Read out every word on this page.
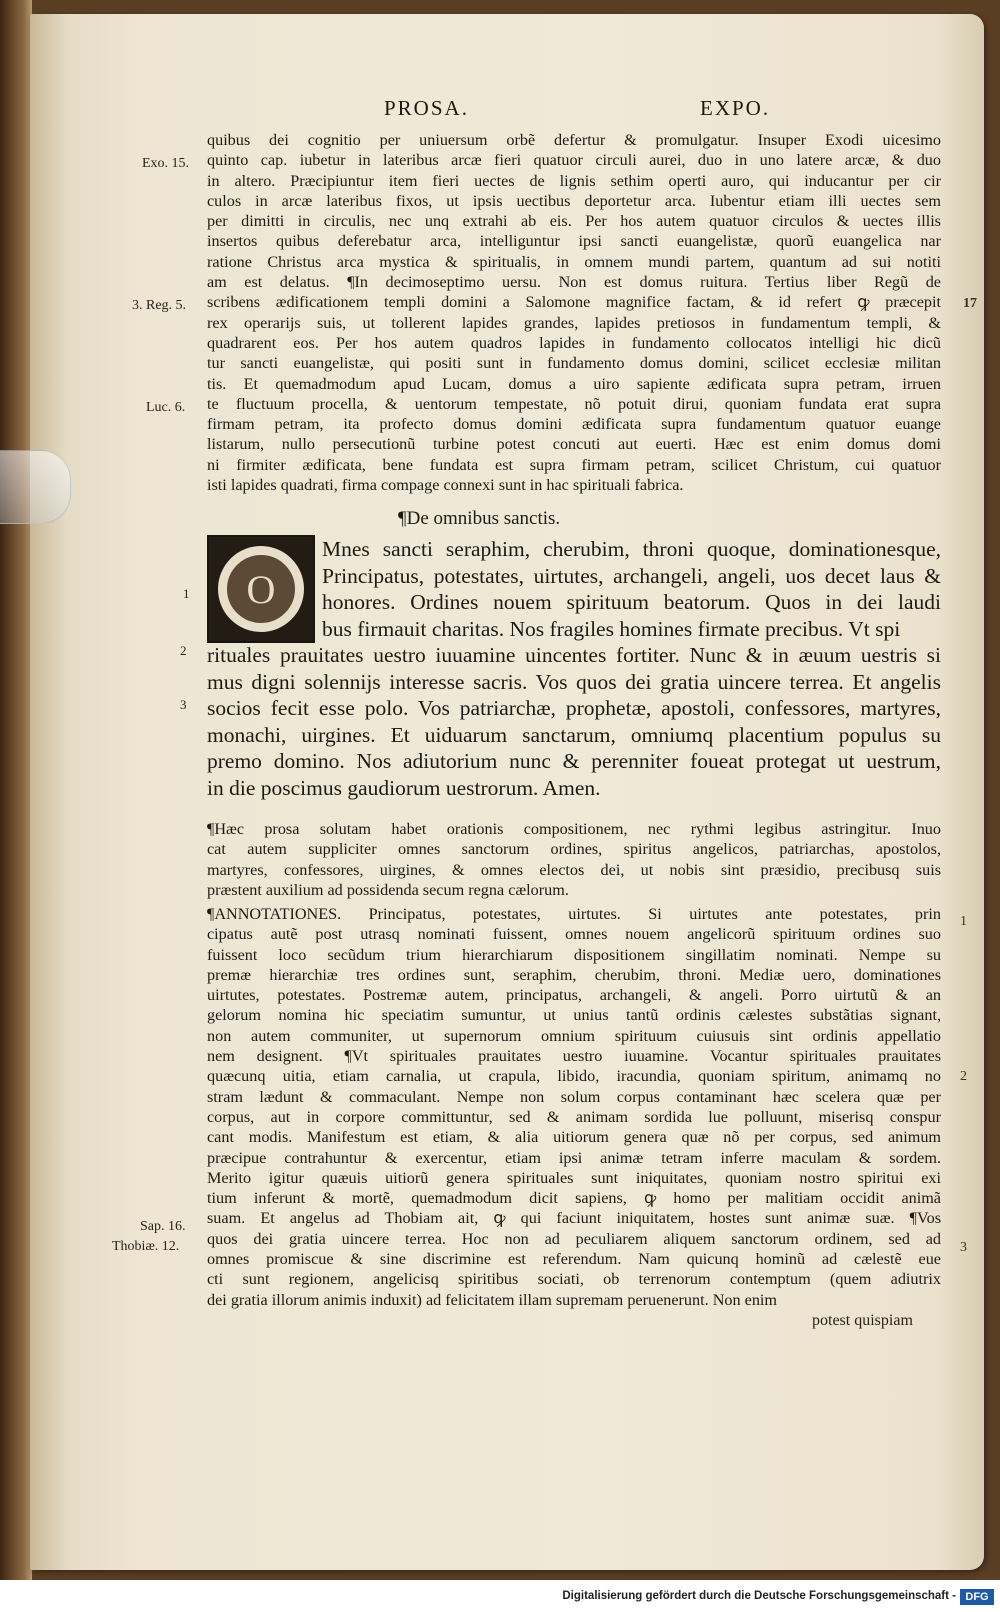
PROSA.	EXPO.
quibus dei cognitio per uniuersum orbẽ defertur & promulgatur. Insuper Exodi uicesimo
quinto cap. iubetur in lateribus arcæ fieri quatuor circuli aurei, duo in uno latere arcæ, & duo
in altero. Præcipiuntur item fieri uectes de lignis sethim operti auro, qui inducantur per cir
culos in arcæ lateribus fixos, ut ipsis uectibus deportetur arca. Iubentur etiam illi uectes sem
per dimitti in circulis, nec unq extrahi ab eis. Per hos autem quatuor circulos & uectes illis
insertos quibus deferebatur arca, intelliguntur ipsi sancti euangelistæ, quorũ euangelica nar
ratione Christus arca mystica & spiritualis, in omnem mundi partem, quantum ad sui notiti
am est delatus. ¶In decimoseptimo uersu. Non est domus ruitura. Tertius liber Regũ de
scribens ædificationem templi domini a Salomone magnifice factam, & id refert ꝙ præcepit
rex operarijs suis, ut tollerent lapides grandes, lapides pretiosos in fundamentum templi, &
quadrarent eos. Per hos autem quadros lapides in fundamento collocatos intelligi hic dicũ
tur sancti euangelistæ, qui positi sunt in fundamento domus domini, scilicet ecclesiæ militan
tis. Et quemadmodum apud Lucam, domus a uiro sapiente ædificata supra petram, irruen
te fluctuum procella, & uentorum tempestate, nõ potuit dirui, quoniam fundata erat supra
firmam petram, ita profecto domus domini ædificata supra fundamentum quatuor euange
listarum, nullo persecutionũ turbine potest concuti aut euerti. Hæc est enim domus domi
ni firmiter ædificata, bene fundata est supra firmam petram, scilicet Christum, cui quatuor
isti lapides quadrati, firma compage connexi sunt in hac spirituali fabrica.
¶De omnibus sanctis.
O
Mnes sancti seraphim, cherubim, throni quoque, dominationesque,
Principatus, potestates, uirtutes, archangeli, angeli, uos decet laus &
honores. Ordines nouem spirituum beatorum. Quos in dei laudi
bus firmauit charitas. Nos fragiles homines firmate precibus. Vt spi
rituales prauitates uestro iuuamine uincentes fortiter. Nunc & in æuum uestris si
mus digni solennijs interesse sacris. Vos quos dei gratia uincere terrea. Et angelis
socios fecit esse polo. Vos patriarchæ, prophetæ, apostoli, confessores, martyres,
monachi, uirgines. Et uiduarum sanctarum, omniumq placentium populus su
premo domino. Nos adiutorium nunc & perenniter foueat protegat ut uestrum,
in die poscimus gaudiorum uestrorum. Amen.
¶Hæc prosa solutam habet orationis compositionem, nec rythmi legibus astringitur. Inuo
cat autem suppliciter omnes sanctorum ordines, spiritus angelicos, patriarchas, apostolos,
martyres, confessores, uirgines, & omnes electos dei, ut nobis sint præsidio, precibusq suis
præstent auxilium ad possidenda secum regna cælorum.
¶ANNOTATIONES. Principatus, potestates, uirtutes. Si uirtutes ante potestates, prin
cipatus autẽ post utrasq nominati fuissent, omnes nouem angelicorũ spirituum ordines suo
fuissent loco secũdum trium hierarchiarum dispositionem singillatim nominati. Nempe su
premæ hierarchiæ tres ordines sunt, seraphim, cherubim, throni. Mediæ uero, dominationes
uirtutes, potestates. Postremæ autem, principatus, archangeli, & angeli. Porro uirtutũ & an
gelorum nomina hic speciatim sumuntur, ut unius tantũ ordinis cælestes substãtias signant,
non autem communiter, ut supernorum omnium spirituum cuiusuis sint ordinis appellatio
nem designent. ¶Vt spirituales prauitates uestro iuuamine. Vocantur spirituales prauitates
quæcunq uitia, etiam carnalia, ut crapula, libido, iracundia, quoniam spiritum, animamq no
stram lædunt & commaculant. Nempe non solum corpus contaminant hæc scelera quæ per
corpus, aut in corpore committuntur, sed & animam sordida lue polluunt, miserisq conspur
cant modis. Manifestum est etiam, & alia uitiorum genera quæ nõ per corpus, sed animum
præcipue contrahuntur & exercentur, etiam ipsi animæ tetram inferre maculam & sordem.
Merito igitur quæuis uitiorũ genera spirituales sunt iniquitates, quoniam nostro spiritui exi
tium inferunt & mortẽ, quemadmodum dicit sapiens, ꝙ homo per malitiam occidit animã
suam. Et angelus ad Thobiam ait, ꝙ qui faciunt iniquitatem, hostes sunt animæ suæ. ¶Vos
quos dei gratia uincere terrea. Hoc non ad peculiarem aliquem sanctorum ordinem, sed ad
omnes promiscue & sine discrimine est referendum. Nam quicunq hominũ ad cælestẽ eue
cti sunt regionem, angelicisq spiritibus sociati, ob terrenorum contemptum (quem adiutrix
dei gratia illorum animis induxit) ad felicitatem illam supremam peruenerunt. Non enim
potest quispiam
Exo. 15.
3. Reg. 5.
Luc. 6.
Sap. 16.
Thobiæ. 12.
1
2
3
17
1
2
3
Digitalisierung gefördert durch die Deutsche Forschungsgemeinschaft - DFG
